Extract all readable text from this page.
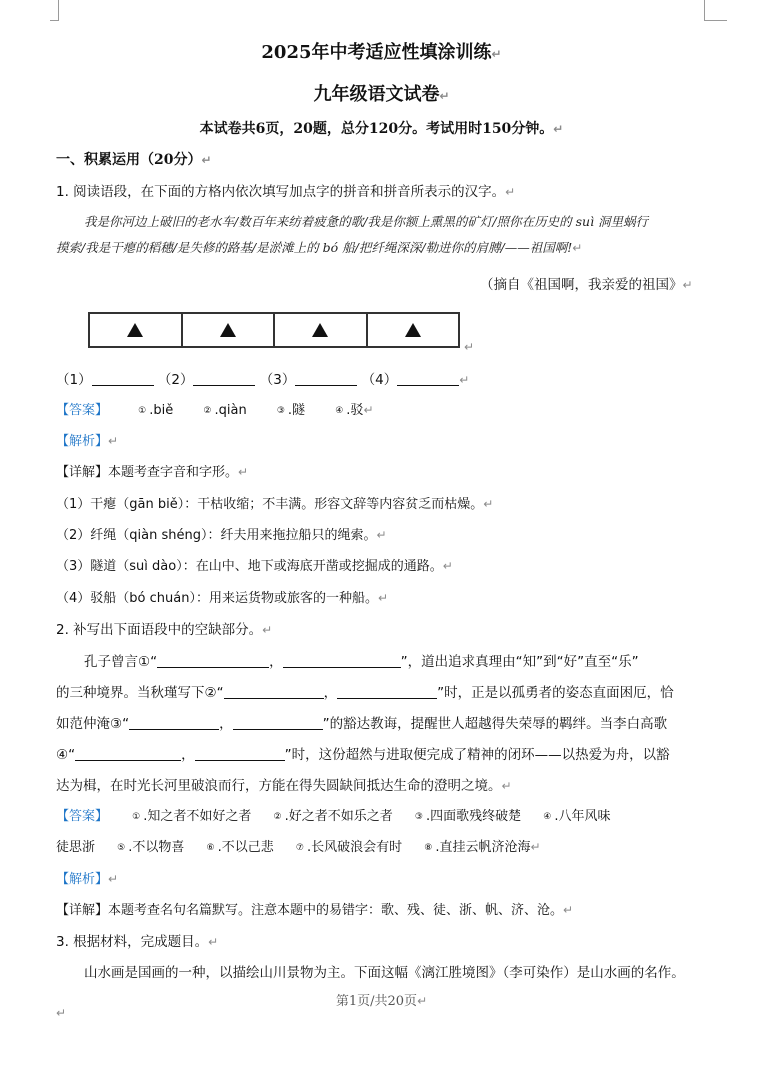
2025年中考适应性填涂训练↵
九年级语文试卷↵
本试卷共6页，20题，总分120分。考试用时150分钟。↵
一、积累运用（20分）↵
1. 阅读语段，在下面的方格内依次填写加点字的拼音和拼音所表示的汉字。↵
我是你河边上破旧的老水车/数百年来纺着疲惫的歌/我是你额上熏黑的矿灯/照你在历史的 suì 洞里蜗行
摸索/我是干瘪的稻穗/是失修的路基/是淤滩上的 bó 船/把纤绳深深/勒进你的肩膊/——祖国啊!↵
（摘自《祖国啊，我亲爱的祖国》↵
↵
（1）	（2）	（3）	（4）	↵
【答案】	① .biě	② .qiàn	③ .隧	④ .驳↵
【解析】↵
【详解】本题考查字音和字形。↵
（1）干瘪（gān biě）：干枯收缩；不丰满。形容文辞等内容贫乏而枯燥。↵
（2）纤绳（qiàn shéng）：纤夫用来拖拉船只的绳索。↵
（3）隧道（suì dào）：在山中、地下或海底开凿或挖掘成的通路。↵
（4）驳船（bó chuán）：用来运货物或旅客的一种船。↵
2. 补写出下面语段中的空缺部分。↵
孔子曾言①“	，	”，道出追求真理由“知”到“好”直至“乐”
的三种境界。当秋瑾写下②“	，	”时，正是以孤勇者的姿态直面困厄，恰
如范仲淹③“	，	”的豁达教诲，提醒世人超越得失荣辱的羁绊。当李白高歌
④“	，	”时，这份超然与进取便完成了精神的闭环——以热爱为舟，以豁
达为楫，在时光长河里破浪而行，方能在得失圆缺间抵达生命的澄明之境。↵
【答案】	① .知之者不如好之者 ② .好之者不如乐之者 ③ .四面歌残终破楚 ④ .八年风味
徒思浙 ⑤ .不以物喜 ⑥ .不以己悲 ⑦ .长风破浪会有时 ⑧ .直挂云帆济沧海↵
【解析】↵
【详解】本题考查名句名篇默写。注意本题中的易错字：歌、残、徒、浙、帆、济、沧。↵
3. 根据材料，完成题目。↵
山水画是国画的一种，以描绘山川景物为主。下面这幅《漓江胜境图》（李可染作）是山水画的名作。
第1页/共20页↵
↵
